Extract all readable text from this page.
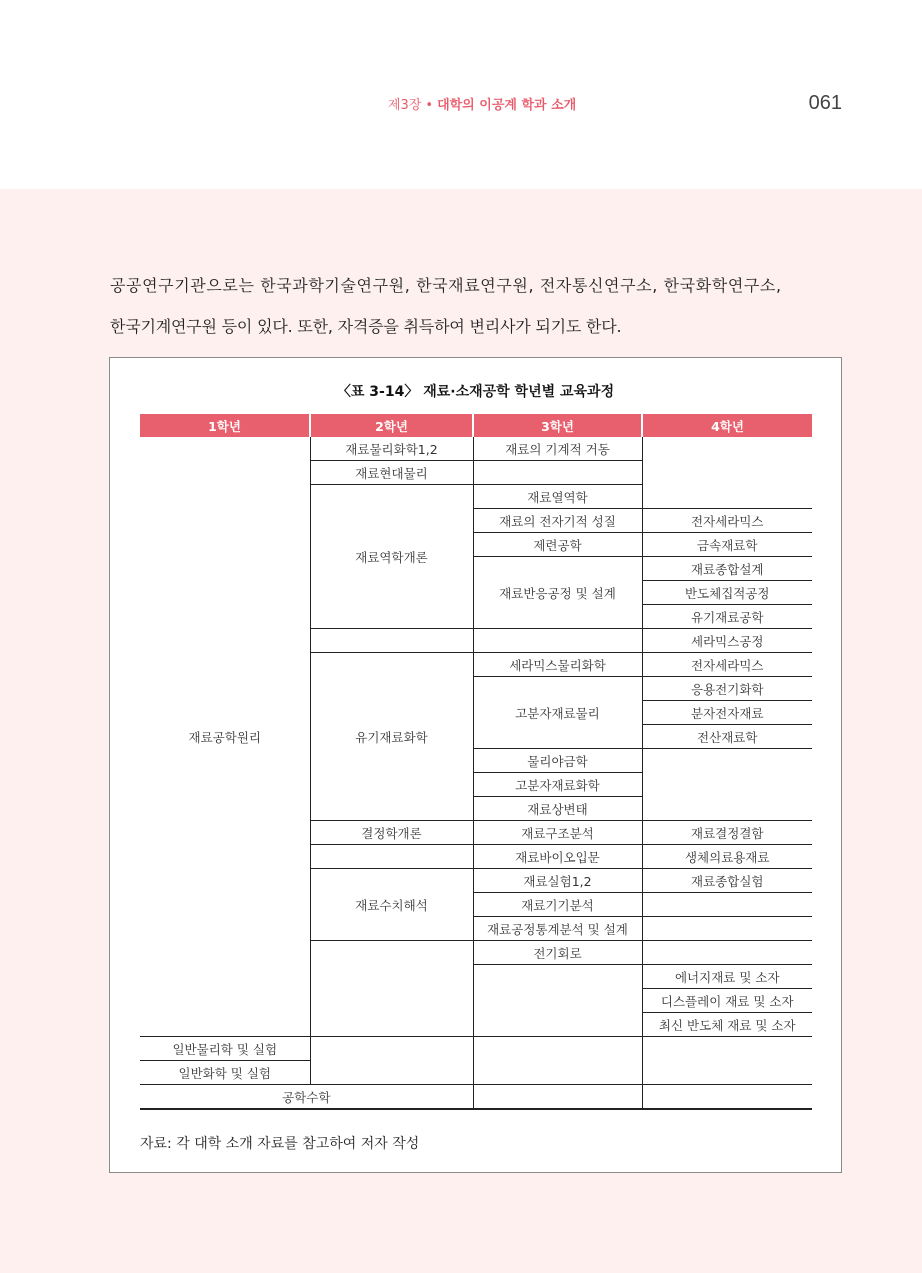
제3장 • 대학의 이공계 학과 소개	061

공공연구기관으로는 한국과학기술연구원, 한국재료연구원, 전자통신연구소, 한국화학연구소,

한국기계연구원 등이 있다. 또한, 자격증을 취득하여 변리사가 되기도 한다.

〈표 3-14〉 재료·소재공학 학년별 교육과정
1학년	2학년	3학년	4학년
재료공학원리	재료물리화학1,2	재료의 기계적 거동	
	재료현대물리		
	재료역학개론	재료열역학	
		재료의 전자기적 성질	전자세라믹스
		제련공학	금속재료학
		재료반응공정 및 설계	재료종합설계
			반도체집적공정
			유기재료공학
			세라믹스공정
	유기재료화학	세라믹스물리화학	전자세라믹스
		고분자재료물리	응용전기화학
			분자전자재료
			전산재료학
		물리야금학	
		고분자재료화학	
		재료상변태	
	결정학개론	재료구조분석	재료결정결함
		재료바이오입문	생체의료용재료
	재료수치해석	재료실험1,2	재료종합실험
		재료기기분석	
		재료공정통계분석 및 설계	
		전기회로	
			에너지재료 및 소자
			디스플레이 재료 및 소자
			최신 반도체 재료 및 소자
일반물리학 및 실험			
일반화학 및 실험			
공학수학			
자료: 각 대학 소개 자료를 참고하여 저자 작성
